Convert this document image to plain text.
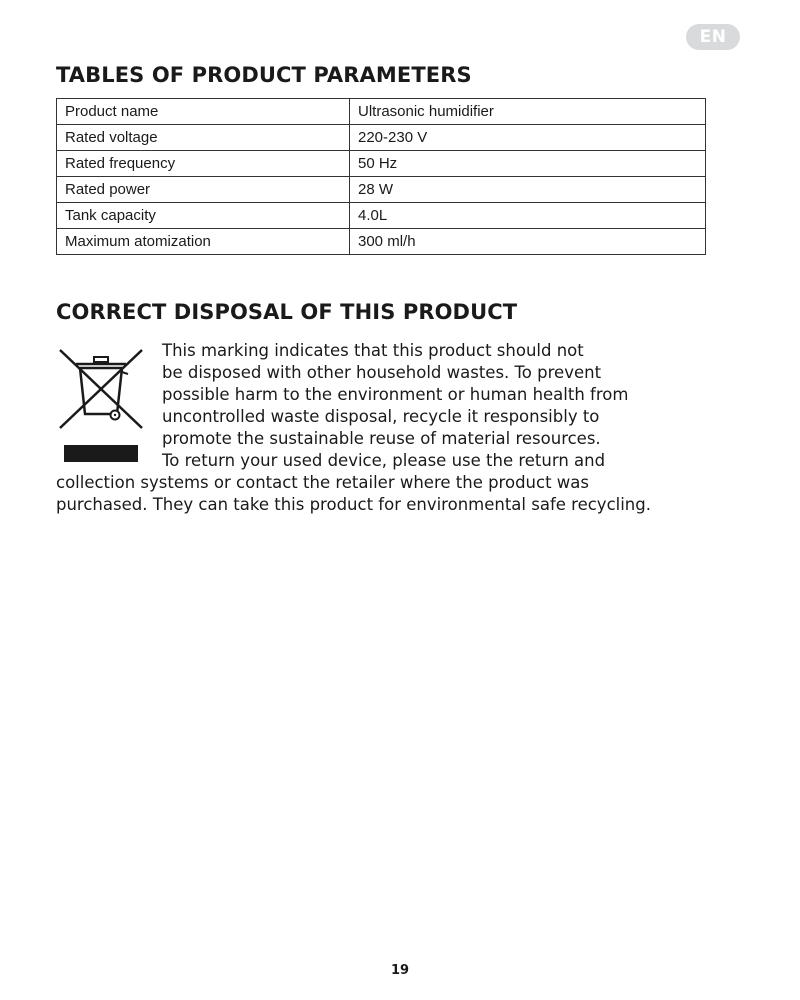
EN
TABLES OF PRODUCT PARAMETERS
Product name	Ultrasonic humidifier
Rated voltage	220-230 V
Rated frequency	50 Hz
Rated power	28 W
Tank capacity	4.0L
Maximum atomization	300 ml/h
CORRECT DISPOSAL OF THIS PRODUCT

This marking indicates that this product should not

be disposed with other household wastes. To prevent

possible harm to the environment or human health from

uncontrolled waste disposal, recycle it responsibly to

promote the sustainable reuse of material resources.

To return your used device, please use the return and

collection systems or contact the retailer where the product was

purchased. They can take this product for environmental safe recycling.

19
